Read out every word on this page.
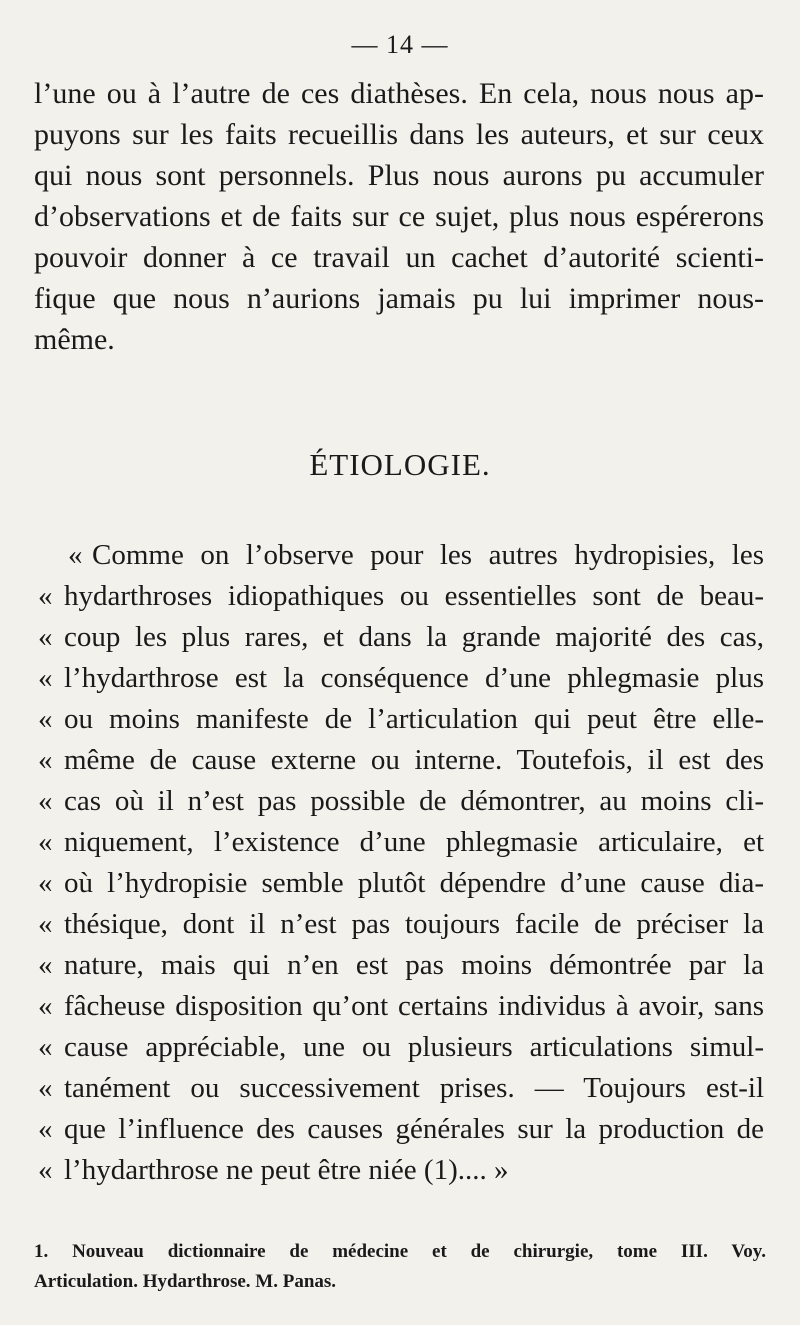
— 14 —
l’une ou à l’autre de ces diathèses. En cela, nous nous ap-
puyons sur les faits recueillis dans les auteurs, et sur ceux
qui nous sont personnels. Plus nous aurons pu accumuler
d’observations et de faits sur ce sujet, plus nous espérerons
pouvoir donner à ce travail un cachet d’autorité scienti-
fique que nous n’aurions jamais pu lui imprimer nous-
même.
ÉTIOLOGIE.
« Comme on l’observe pour les autres hydropisies, les
« hydarthroses idiopathiques ou essentielles sont de beau-
« coup les plus rares, et dans la grande majorité des cas,
« l’hydarthrose est la conséquence d’une phlegmasie plus
« ou moins manifeste de l’articulation qui peut être elle-
« même de cause externe ou interne. Toutefois, il est des
« cas où il n’est pas possible de démontrer, au moins cli-
« niquement, l’existence d’une phlegmasie articulaire, et
« où l’hydropisie semble plutôt dépendre d’une cause dia-
« thésique, dont il n’est pas toujours facile de préciser la
« nature, mais qui n’en est pas moins démontrée par la
« fâcheuse disposition qu’ont certains individus à avoir, sans
« cause appréciable, une ou plusieurs articulations simul-
« tanément ou successivement prises. — Toujours est-il
« que l’influence des causes générales sur la production de
« l’hydarthrose ne peut être niée (1).... »
1. Nouveau dictionnaire de médecine et de chirurgie, tome III. Voy.
Articulation. Hydarthrose. M. Panas.
